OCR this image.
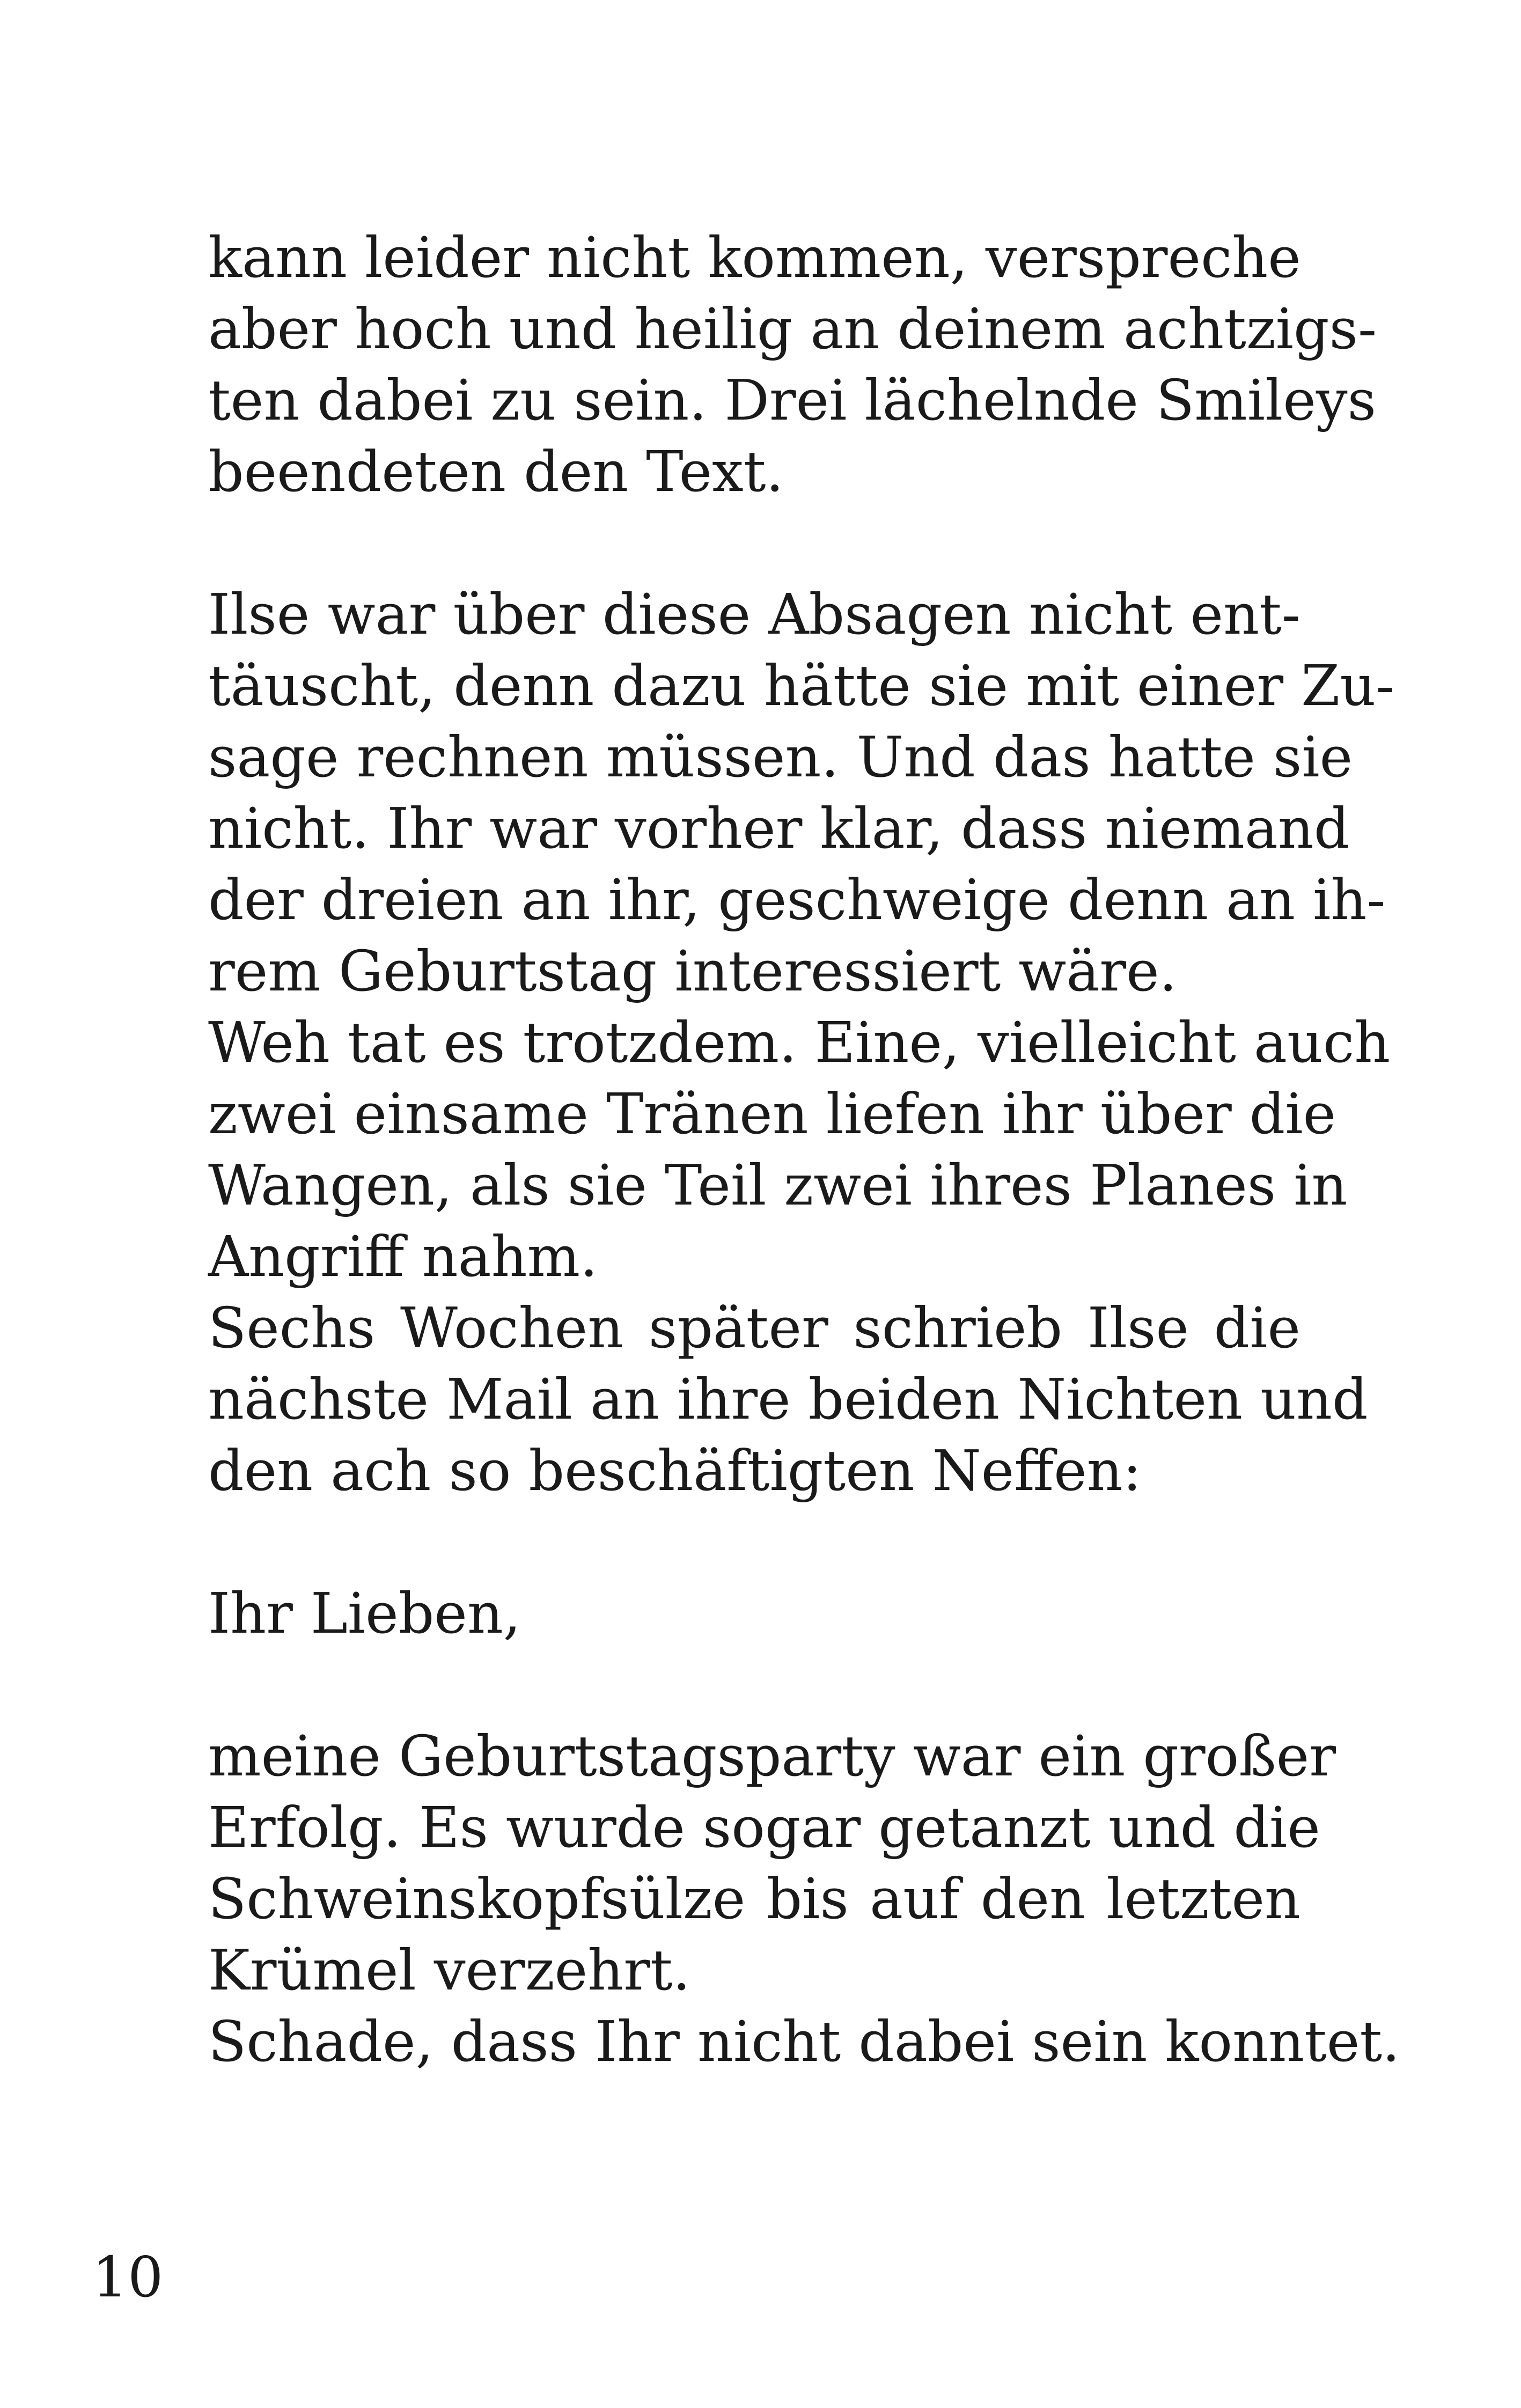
kann leider nicht kommen, verspreche
aber hoch und heilig an deinem achtzigs-
ten dabei zu sein. Drei lächelnde Smileys
beendeten den Text.
Ilse war über diese Absagen nicht ent-
täuscht, denn dazu hätte sie mit einer Zu-
sage rechnen müssen. Und das hatte sie
nicht. Ihr war vorher klar, dass niemand
der dreien an ihr, geschweige denn an ih-
rem Geburtstag interessiert wäre.
Weh tat es trotzdem. Eine, vielleicht auch
zwei einsame Tränen liefen ihr über die
Wangen, als sie Teil zwei ihres Planes in
Angriff nahm.
Sechs Wochen später schrieb Ilse die
nächste Mail an ihre beiden Nichten und
den ach so beschäftigten Neffen:
Ihr Lieben,
meine Geburtstagsparty war ein großer
Erfolg. Es wurde sogar getanzt und die
Schweinskopfsülze bis auf den letzten
Krümel verzehrt.
Schade, dass Ihr nicht dabei sein konntet.
10
